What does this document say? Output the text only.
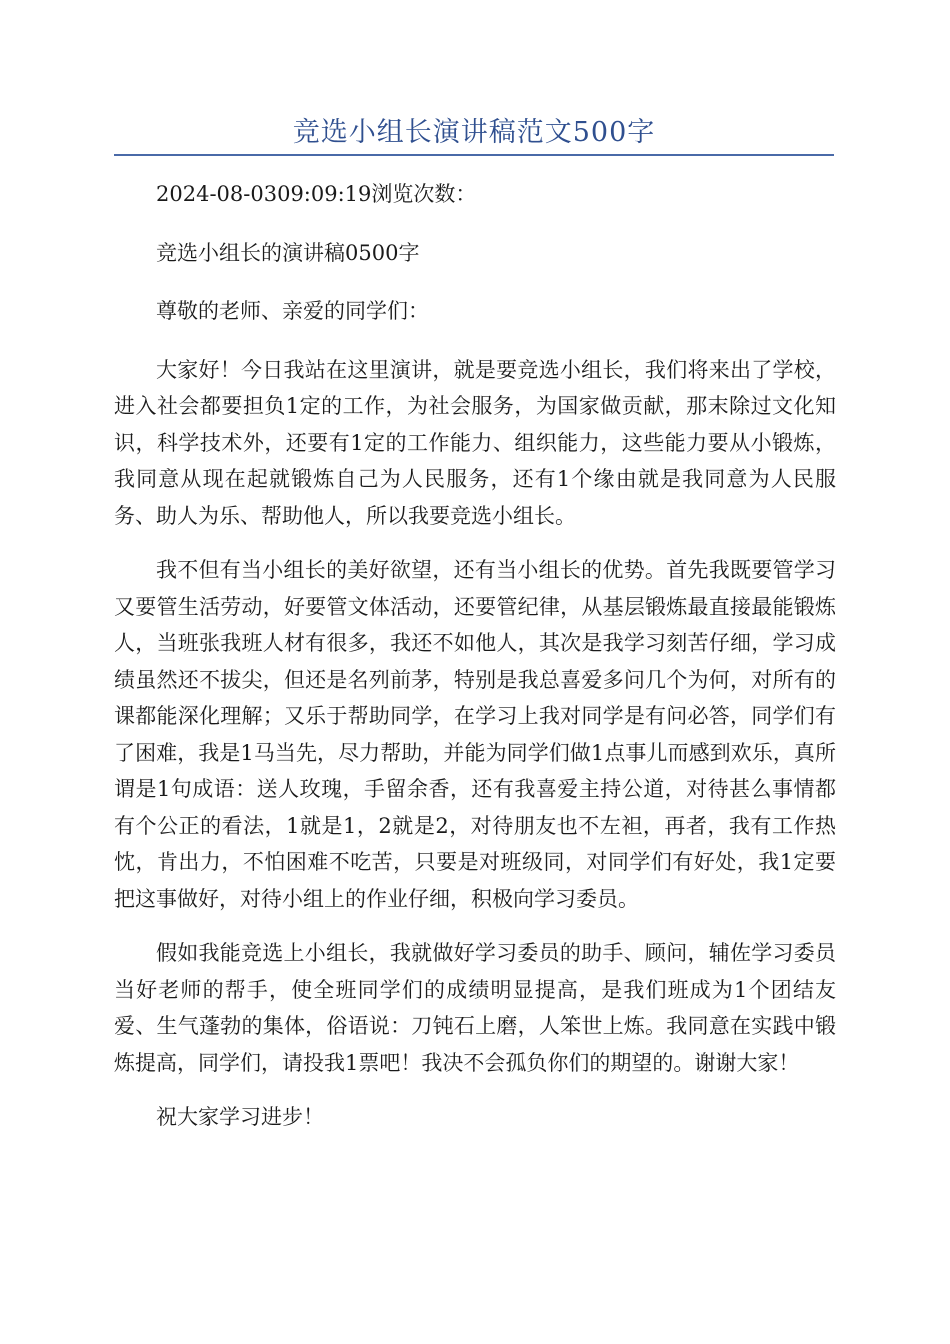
竞选小组长演讲稿范文500字

2024-08-0309:09:19浏览次数：

竞选小组长的演讲稿0500字

尊敬的老师、亲爱的同学们：

大家好！今日我站在这里演讲，就是要竞选小组长，我们将来出了学校，进入社会都要担负1定的工作，为社会服务，为国家做贡献，那末除过文化知识，科学技术外，还要有1定的工作能力、组织能力，这些能力要从小锻炼，我同意从现在起就锻炼自己为人民服务，还有1个缘由就是我同意为人民服务、助人为乐、帮助他人，所以我要竞选小组长。

我不但有当小组长的美好欲望，还有当小组长的优势。首先我既要管学习又要管生活劳动，好要管文体活动，还要管纪律，从基层锻炼最直接最能锻炼人，当班张我班人材有很多，我还不如他人，其次是我学习刻苦仔细，学习成绩虽然还不拔尖，但还是名列前茅，特别是我总喜爱多问几个为何，对所有的课都能深化理解；又乐于帮助同学，在学习上我对同学是有问必答，同学们有了困难，我是1马当先，尽力帮助，并能为同学们做1点事儿而感到欢乐，真所谓是1句成语：送人玫瑰，手留余香，还有我喜爱主持公道，对待甚么事情都有个公正的看法，1就是1，2就是2，对待朋友也不左袒，再者，我有工作热忱，肯出力，不怕困难不吃苦，只要是对班级同，对同学们有好处，我1定要把这事做好，对待小组上的作业仔细，积极向学习委员。

假如我能竞选上小组长，我就做好学习委员的助手、顾问，辅佐学习委员当好老师的帮手，使全班同学们的成绩明显提高，是我们班成为1个团结友爱、生气蓬勃的集体，俗语说：刀钝石上磨，人笨世上炼。我同意在实践中锻炼提高，同学们，请投我1票吧！我决不会孤负你们的期望的。谢谢大家！

祝大家学习进步！
